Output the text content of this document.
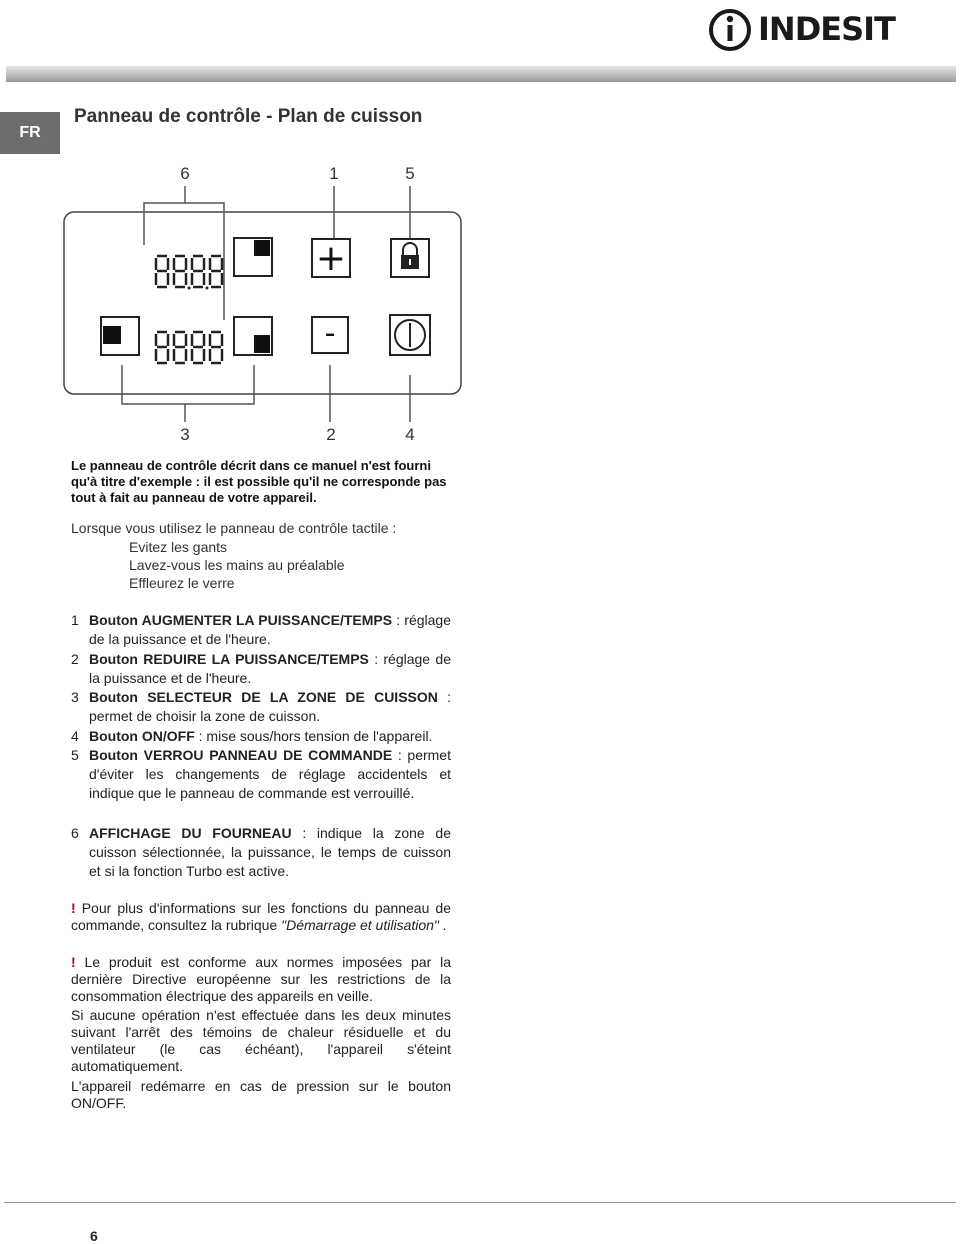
INDESIT
FR
Panneau de contrôle - Plan de cuisson
6	1	5
+
-
3	2	4
Le panneau de contrôle décrit dans ce manuel n'est fourni qu'à titre d'exemple : il est possible qu'il ne corresponde pas tout à fait au panneau de votre appareil.
Lorsque vous utilisez le panneau de contrôle tactile :
Evitez les gants
Lavez-vous les mains au préalable
Effleurez le verre
1 Bouton AUGMENTER LA PUISSANCE/TEMPS : réglage de la puissance et de l'heure.
2 Bouton REDUIRE LA PUISSANCE/TEMPS : réglage de la puissance et de l'heure.
3 Bouton SELECTEUR DE LA ZONE DE CUISSON : permet de choisir la zone de cuisson.
4 Bouton ON/OFF : mise sous/hors tension de l'appareil.
5 Bouton VERROU PANNEAU DE COMMANDE : permet d'éviter les changements de réglage accidentels et indique que le panneau de commande est verrouillé.
6 AFFICHAGE DU FOURNEAU : indique la zone de cuisson sélectionnée, la puissance, le temps de cuisson et si la fonction Turbo est active.
! Pour plus d'informations sur les fonctions du panneau de commande, consultez la rubrique "Démarrage et utilisation" .
! Le produit est conforme aux normes imposées par la dernière Directive européenne sur les restrictions de la consommation électrique des appareils en veille.
Si aucune opération n'est effectuée dans les deux minutes suivant l'arrêt des témoins de chaleur résiduelle et du ventilateur (le cas échéant), l'appareil s'éteint automatiquement.
L'appareil redémarre en cas de pression sur le bouton ON/OFF.
6
